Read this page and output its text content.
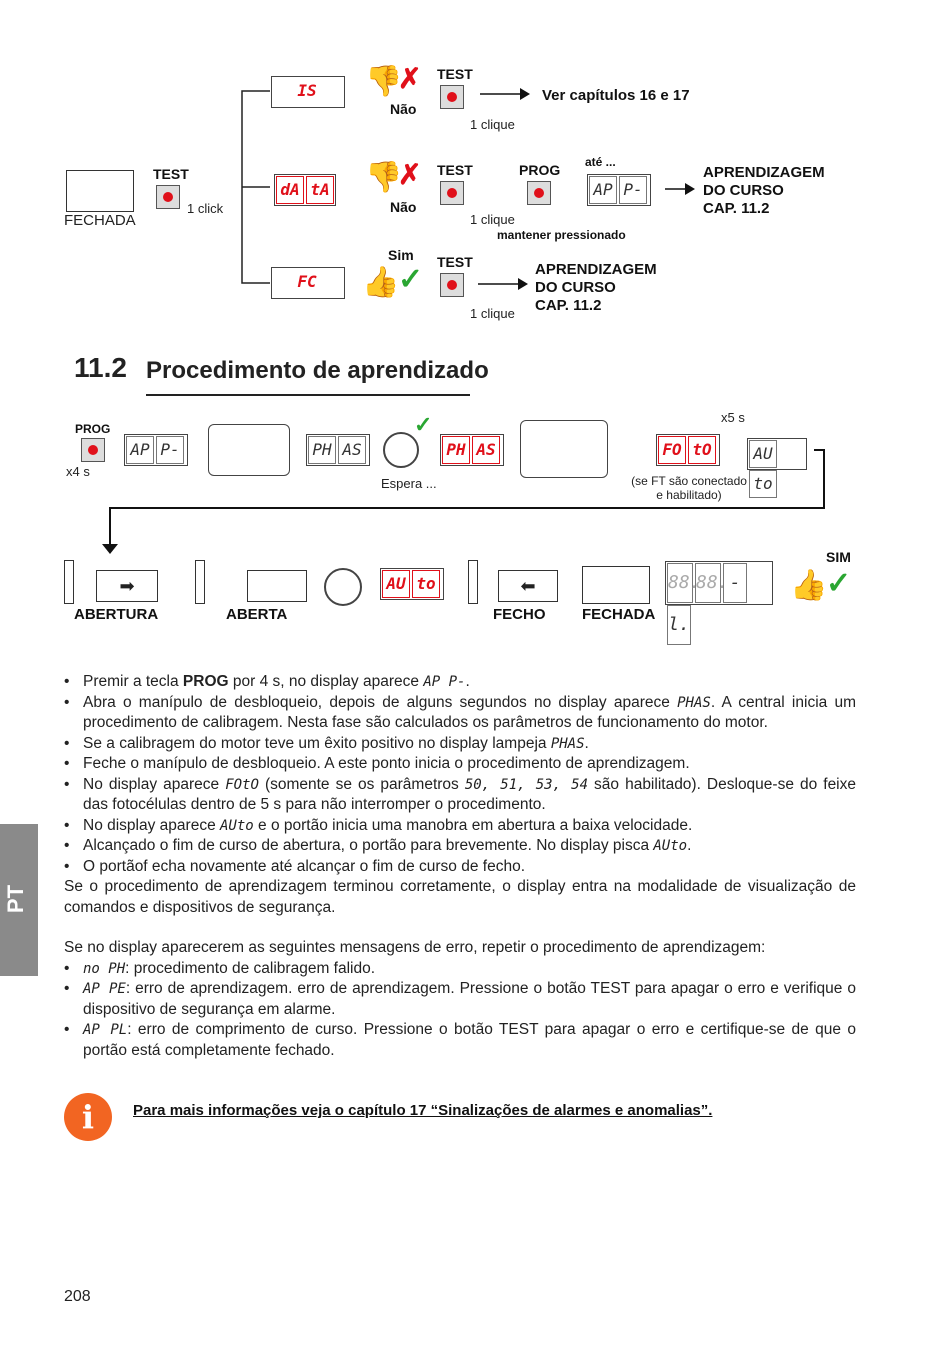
FECHADA
TEST
1 click
IS	👎
✗
Não
TEST
1 clique
Ver capítulos 16 e 17
dA tA 👎
✗
Não
TEST
1 clique
PROG
mantener pressionado
até ...
AP P-
APRENDIZAGEM
DO CURSO
CAP. 11.2
FC
Sim
👍
✓
TEST
1 clique
APRENDIZAGEM
DO CURSO
CAP. 11.2
11.2 Procedimento de aprendizado
PROG
x4 s
AP P-	PH AS
✓
Espera ...
PH AS	FO tO
x5 s
(se FT são conectado
e habilitado)
AUto
➡
ABERTURA	ABERTA
AU to	⬅
FECHO FECHADA
88.88.-l.
SIM
👍
✓

• Premir a tecla PROG por 4 s, no display aparece AP P-.

• Abra o manípulo de desbloqueio, depois de alguns segundos no display aparece PHAS. A central inicia um procedimento de calibragem. Nesta fase são calculados os parâmetros de funcionamento do motor.

• Se a calibragem do motor teve um êxito positivo no display lampeja PHAS.

• Feche o manípulo de desbloqueio. A este ponto inicia o procedimento de aprendizagem.

• No display aparece FOtO (somente se os parâmetros 50, 51, 53, 54 são habilitado). Desloque-se do feixe das fotocélulas dentro de 5 s para não interromper o procedimento.

• No display aparece AUto e o portão inicia uma manobra em abertura a baixa velocidade.

• Alcançado o fim de curso de abertura, o portão para brevemente. No display pisca AUto.

• O portãof echa novamente até alcançar o fim de curso de fecho.

Se o procedimento de aprendizagem terminou corretamente, o display entra na modalidade de visualização de comandos e dispositivos de segurança.

Se no display aparecerem as seguintes mensagens de erro, repetir o procedimento de aprendizagem:

• no PH: procedimento de calibragem falido.

• AP PE: erro de aprendizagem. erro de aprendizagem. Pressione o botão TEST para apagar o erro e verifique o dispositivo de segurança em alarme.

• AP PL: erro de comprimento de curso. Pressione o botão TEST para apagar o erro e certifique-se de que o portão está completamente fechado.

i	Para mais informações veja o capítulo 17 “Sinalizações de alarmes e anomalias”.
PT
208
